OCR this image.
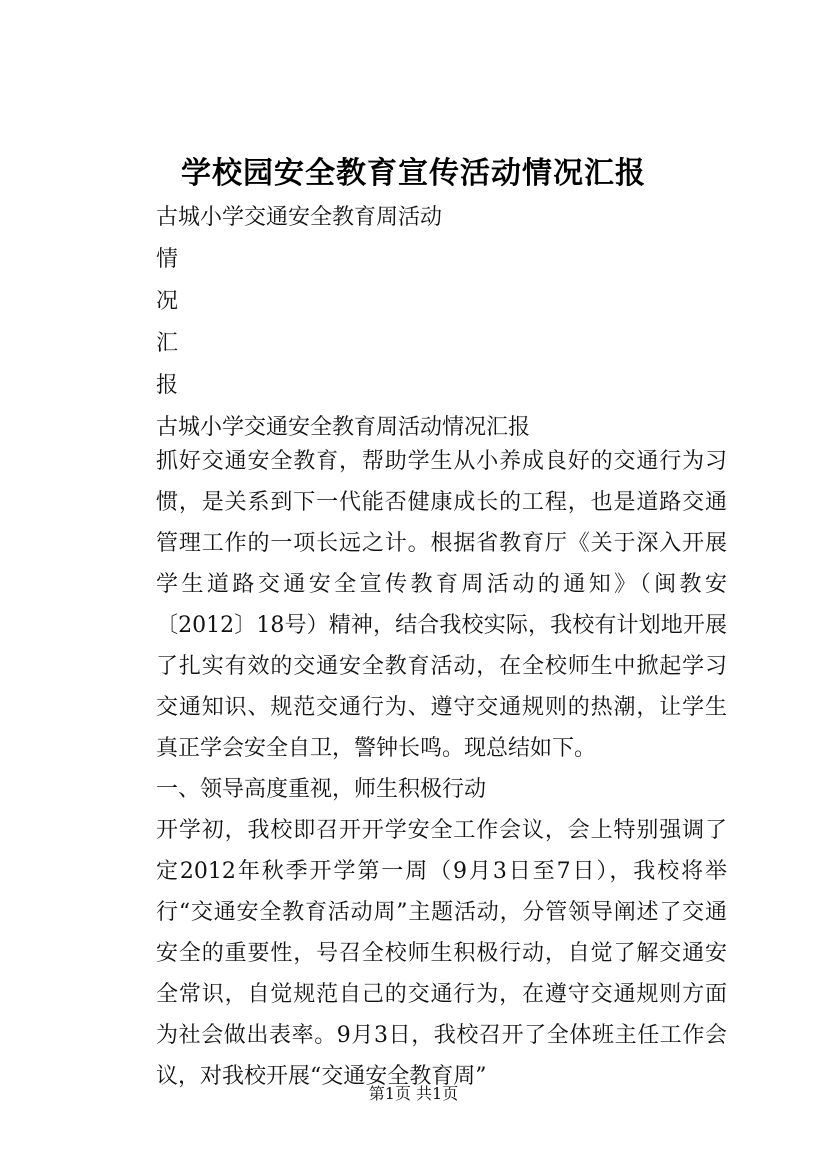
学校园安全教育宣传活动情况汇报
古城小学交通安全教育周活动
情
况
汇
报
古城小学交通安全教育周活动情况汇报
抓好交通安全教育，帮助学生从小养成良好的交通行为习惯，是关系到下一代能否健康成长的工程，也是道路交通管理工作的一项长远之计。根据省教育厅《关于深入开展学生道路交通安全宣传教育周活动的通知》（闽教安〔2012〕18号）精神，结合我校实际，我校有计划地开展了扎实有效的交通安全教育活动，在全校师生中掀起学习交通知识、规范交通行为、遵守交通规则的热潮，让学生真正学会安全自卫，警钟长鸣。现总结如下。
一、领导高度重视，师生积极行动
开学初，我校即召开开学安全工作会议，会上特别强调了定2012年秋季开学第一周（9月3日至7日），我校将举行“交通安全教育活动周”主题活动，分管领导阐述了交通安全的重要性，号召全校师生积极行动，自觉了解交通安全常识，自觉规范自己的交通行为，在遵守交通规则方面为社会做出表率。9月3日，我校召开了全体班主任工作会议，对我校开展“交通安全教育周”
第1页 共1页
